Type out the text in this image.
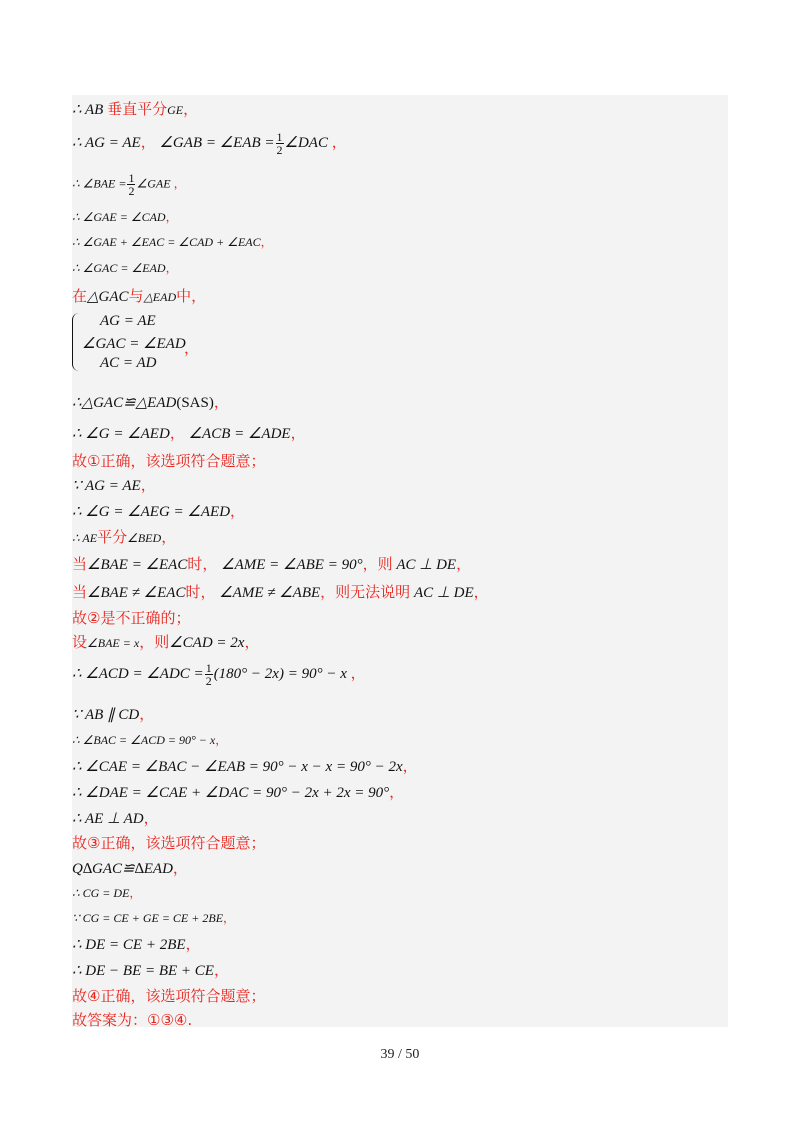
∴ AB 垂直平分GE，
∴ AG = AE， ∠GAB = ∠EAB = $\frac{1}{2}$ ∠DAC ，
∴ ∠BAE = $\frac{1}{2}$ ∠GAE ，
∴ ∠GAE = ∠CAD，
∴ ∠GAE + ∠EAC = ∠CAD + ∠EAC，
∴ ∠GAC = ∠EAD，
在△GAC与△EAD中，
AG = AE
∠GAC = ∠EAD
AC = AD
，
∴△GAC≌△EAD(SAS)，
∴ ∠G = ∠AED， ∠ACB = ∠ADE，
故①正确，该选项符合题意；
∵ AG = AE，
∴ ∠G = ∠AEG = ∠AED，
∴ AE平分∠BED，
当∠BAE = ∠EAC时， ∠AME = ∠ABE = 90°，则 AC ⊥ DE，
当∠BAE ≠ ∠EAC时， ∠AME ≠ ∠ABE，则无法说明 AC ⊥ DE，
故②是不正确的；
设∠BAE = x，则∠CAD = 2x，
∴ ∠ACD = ∠ADC = $\frac{1}{2} (180^\circ - 2x) = 90^\circ - x$ ，
∵ AB ∥ CD，
∴ ∠BAC = ∠ACD = 90° − x，
∴ ∠CAE = ∠BAC − ∠EAB = 90° − x − x = 90° − 2x，
∴ ∠DAE = ∠CAE + ∠DAC = 90° − 2x + 2x = 90°，
∴ AE ⊥ AD，
故③正确，该选项符合题意；
Q∆GAC≌∆EAD，
∴ CG = DE，
∵ CG = CE + GE = CE + 2BE，
∴ DE = CE + 2BE，
∴ DE − BE = BE + CE，
故④正确，该选项符合题意；
故答案为：①③④.
39 / 50
